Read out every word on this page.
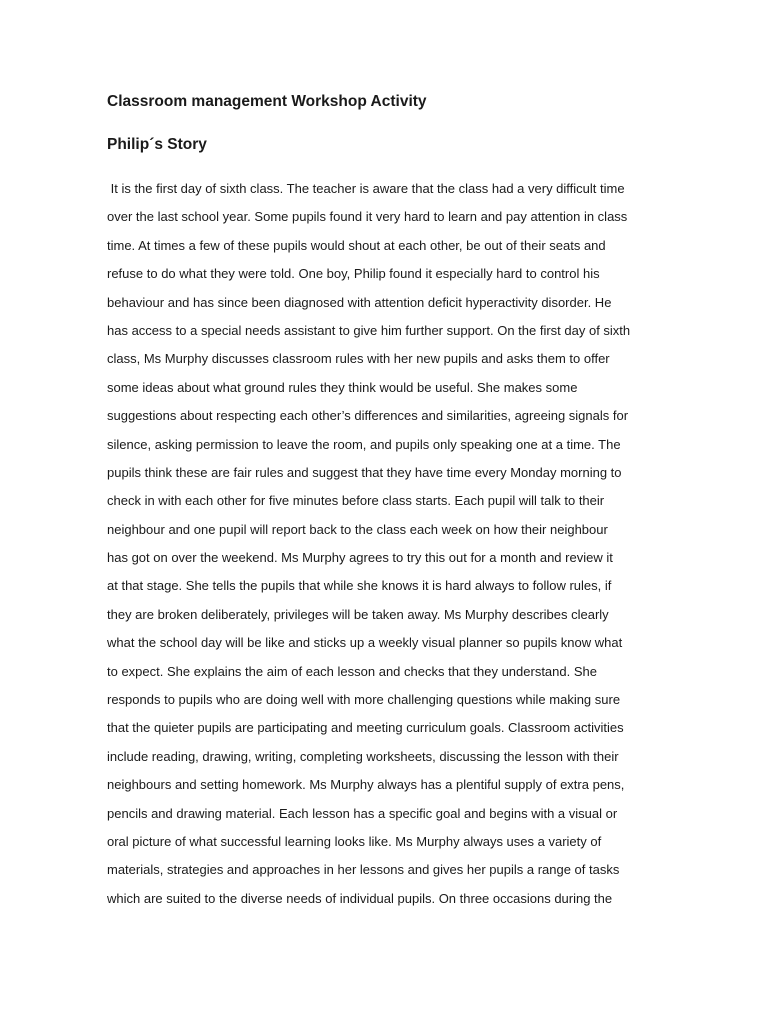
Classroom management Workshop Activity
Philip´s Story
It is the first day of sixth class. The teacher is aware that the class had a very difficult time
over the last school year. Some pupils found it very hard to learn and pay attention in class
time. At times a few of these pupils would shout at each other, be out of their seats and
refuse to do what they were told. One boy, Philip found it especially hard to control his
behaviour and has since been diagnosed with attention deficit hyperactivity disorder. He
has access to a special needs assistant to give him further support. On the first day of sixth
class, Ms Murphy discusses classroom rules with her new pupils and asks them to offer
some ideas about what ground rules they think would be useful. She makes some
suggestions about respecting each other’s differences and similarities, agreeing signals for
silence, asking permission to leave the room, and pupils only speaking one at a time. The
pupils think these are fair rules and suggest that they have time every Monday morning to
check in with each other for five minutes before class starts. Each pupil will talk to their
neighbour and one pupil will report back to the class each week on how their neighbour
has got on over the weekend. Ms Murphy agrees to try this out for a month and review it
at that stage. She tells the pupils that while she knows it is hard always to follow rules, if
they are broken deliberately, privileges will be taken away. Ms Murphy describes clearly
what the school day will be like and sticks up a weekly visual planner so pupils know what
to expect. She explains the aim of each lesson and checks that they understand. She
responds to pupils who are doing well with more challenging questions while making sure
that the quieter pupils are participating and meeting curriculum goals. Classroom activities
include reading, drawing, writing, completing worksheets, discussing the lesson with their
neighbours and setting homework. Ms Murphy always has a plentiful supply of extra pens,
pencils and drawing material. Each lesson has a specific goal and begins with a visual or
oral picture of what successful learning looks like. Ms Murphy always uses a variety of
materials, strategies and approaches in her lessons and gives her pupils a range of tasks
which are suited to the diverse needs of individual pupils. On three occasions during the
